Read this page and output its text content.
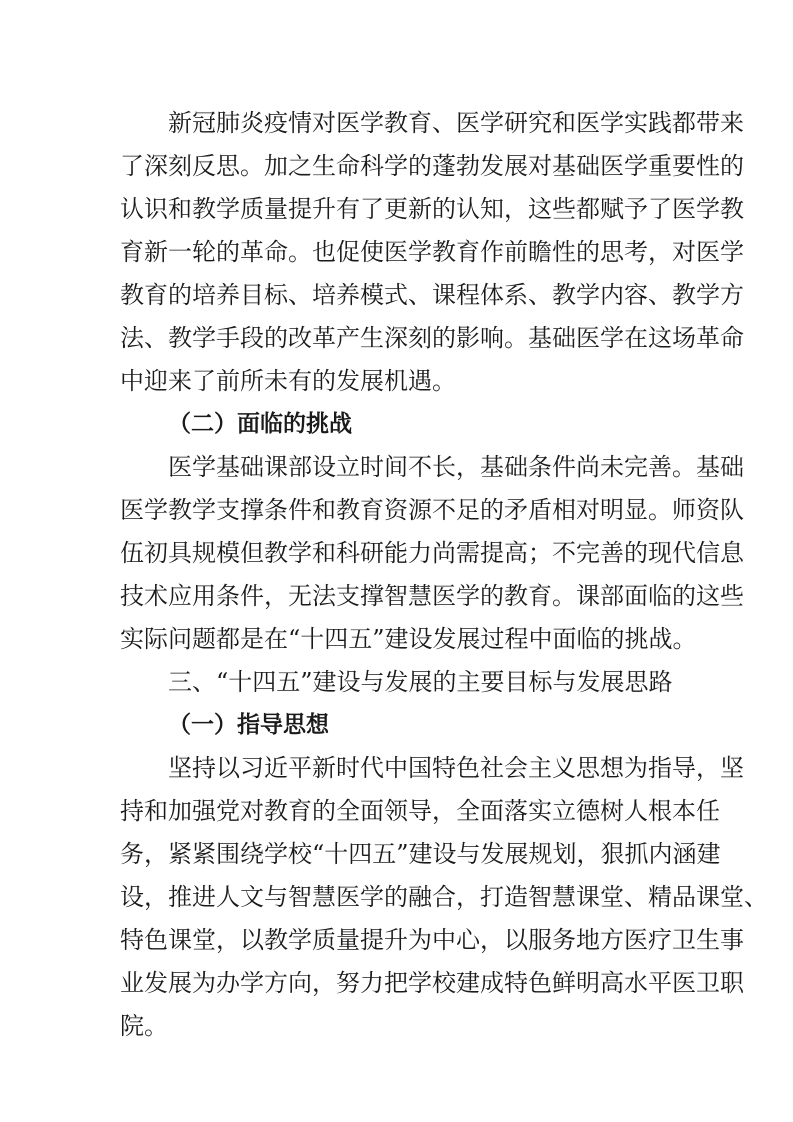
新冠肺炎疫情对医学教育、医学研究和医学实践都带来
了深刻反思。加之生命科学的蓬勃发展对基础医学重要性的
认识和教学质量提升有了更新的认知，这些都赋予了医学教
育新一轮的革命。也促使医学教育作前瞻性的思考，对医学
教育的培养目标、培养模式、课程体系、教学内容、教学方
法、教学手段的改革产生深刻的影响。基础医学在这场革命
中迎来了前所未有的发展机遇。
（二）面临的挑战
医学基础课部设立时间不长，基础条件尚未完善。基础
医学教学支撑条件和教育资源不足的矛盾相对明显。师资队
伍初具规模但教学和科研能力尚需提高；不完善的现代信息
技术应用条件，无法支撑智慧医学的教育。课部面临的这些
实际问题都是在“十四五”建设发展过程中面临的挑战。
三、“十四五”建设与发展的主要目标与发展思路
（一）指导思想
坚持以习近平新时代中国特色社会主义思想为指导，坚
持和加强党对教育的全面领导，全面落实立德树人根本任
务，紧紧围绕学校“十四五”建设与发展规划，狠抓内涵建
设，推进人文与智慧医学的融合，打造智慧课堂、精品课堂、
特色课堂，以教学质量提升为中心，以服务地方医疗卫生事
业发展为办学方向，努力把学校建成特色鲜明高水平医卫职
院。
